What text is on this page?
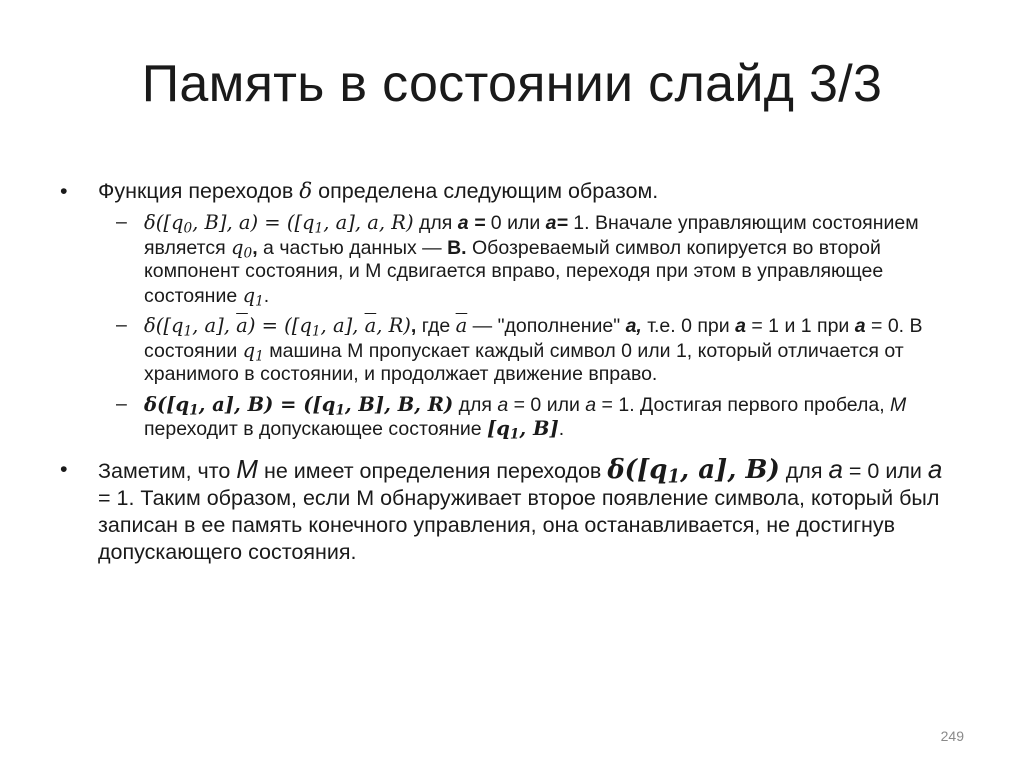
Память в состоянии слайд 3/3
• Функция переходов δ определена следующим образом.
– $\delta([q_0$, B], $a) = ([q_1$, a], a, R) для a = 0 или a= 1. Вначале управляющим состоянием является $q_0$, а частью данных — B. Обозреваемый символ копируется во второй компонент состояния, и М сдвигается вправо, переходя при этом в управляющее состояние $q_1$.
– $\delta([q_1$, a], $\overline{a}) = ([q_1$, a], $\overline{a}$, R), где $\overline{a}$ — "дополнение" a, т.е. 0 при a = 1 и 1 при a = 0. В состоянии $q_1$ машина М пропускает каждый символ 0 или 1, который отличается от хранимого в состоянии, и продолжает движение вправо.
– $\delta([q_1$, a], $B) = ([q_1$, B], B, R) для a = 0 или a = 1. Достигая первого пробела, M переходит в допускающее состояние [$q_1$, B].
• Заметим, что M не имеет определения переходов $\delta([q_1$, a], B) для a = 0 или a = 1. Таким образом, если М обнаруживает второе появление символа, который был записан в ее память конечного управления, она останавливается, не достигнув допускающего состояния.
249
